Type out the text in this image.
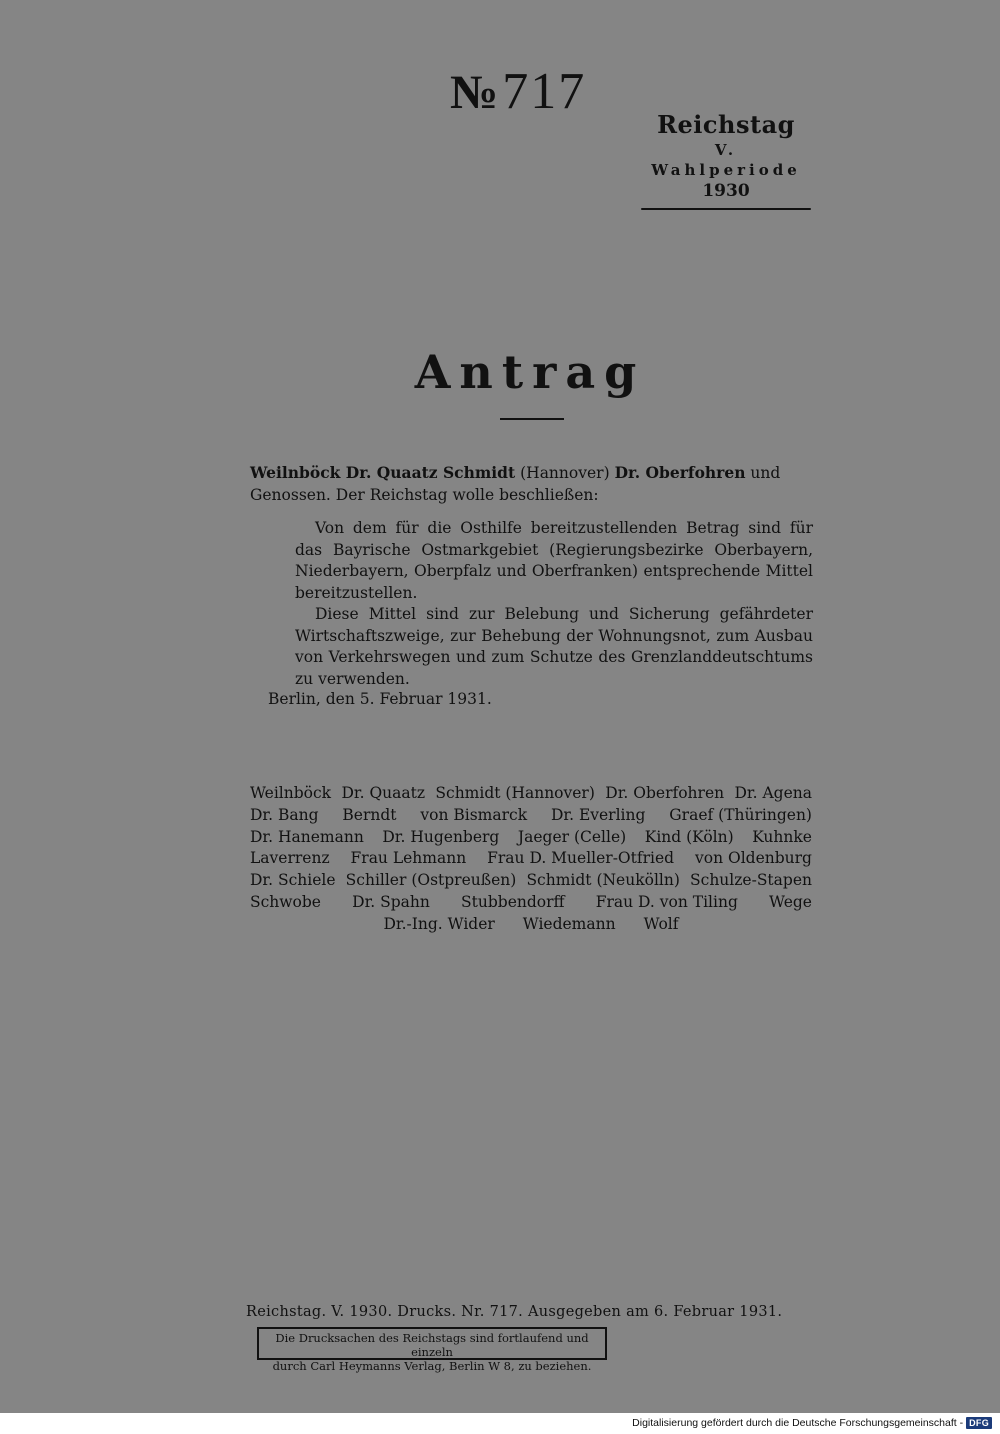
№ 717
Reichstag
V. Wahlperiode
1930
Antrag
Weilnböck Dr. Quaatz Schmidt (Hannover) Dr. Oberfohren und Genossen. Der Reichstag wolle beschließen:
Von dem für die Osthilfe bereitzustellenden Betrag sind für das Bayrische Ostmarkgebiet (Regierungsbezirke Oberbayern, Niederbayern, Oberpfalz und Oberfranken) entsprechende Mittel bereitzustellen.
Diese Mittel sind zur Belebung und Sicherung gefährdeter Wirtschaftszweige, zur Behebung der Wohnungsnot, zum Ausbau von Verkehrswegen und zum Schutze des Grenzlanddeutschtums zu verwenden.
Berlin, den 5. Februar 1931.
Weilnböck Dr. Quaatz Schmidt (Hannover) Dr. Oberfohren Dr. Agena
Dr. Bang Berndt von Bismarck Dr. Everling Graef (Thüringen)
Dr. Hanemann Dr. Hugenberg Jaeger (Celle) Kind (Köln) Kuhnke
Laverrenz Frau Lehmann Frau D. Mueller-Otfried von Oldenburg
Dr. Schiele Schiller (Ostpreußen) Schmidt (Neukölln) Schulze-Stapen
Schwobe Dr. Spahn Stubbendorff Frau D. von Tiling Wege
Dr.-Ing. Wider Wiedemann Wolf
Reichstag. V. 1930. Drucks. Nr. 717. Ausgegeben am 6. Februar 1931.
Die Drucksachen des Reichstags sind fortlaufend und einzeln
durch Carl Heymanns Verlag, Berlin W 8, zu beziehen.
Digitalisierung gefördert durch die Deutsche Forschungsgemeinschaft - DFG
